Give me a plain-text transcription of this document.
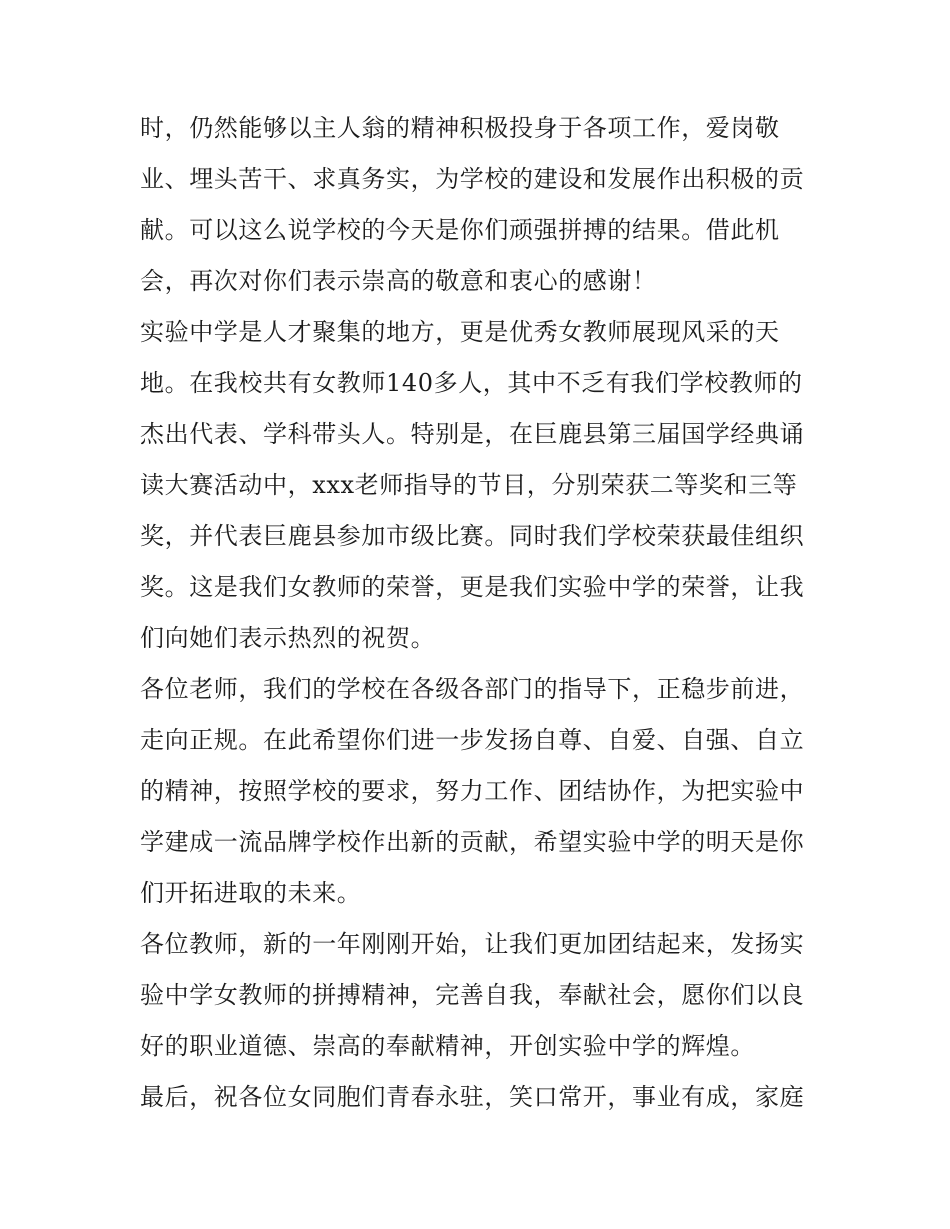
时，仍然能够以主人翁的精神积极投身于各项工作，爱岗敬
业、埋头苦干、求真务实，为学校的建设和发展作出积极的贡
献。可以这么说学校的今天是你们顽强拼搏的结果。借此机
会，再次对你们表示崇高的敬意和衷心的感谢！
实验中学是人才聚集的地方，更是优秀女教师展现风采的天
地。在我校共有女教师140多人，其中不乏有我们学校教师的
杰出代表、学科带头人。特别是，在巨鹿县第三届国学经典诵
读大赛活动中，xxx老师指导的节目，分别荣获二等奖和三等
奖，并代表巨鹿县参加市级比赛。同时我们学校荣获最佳组织
奖。这是我们女教师的荣誉，更是我们实验中学的荣誉，让我
们向她们表示热烈的祝贺。
各位老师，我们的学校在各级各部门的指导下，正稳步前进，
走向正规。在此希望你们进一步发扬自尊、自爱、自强、自立
的精神，按照学校的要求，努力工作、团结协作，为把实验中
学建成一流品牌学校作出新的贡献，希望实验中学的明天是你
们开拓进取的未来。
各位教师，新的一年刚刚开始，让我们更加团结起来，发扬实
验中学女教师的拼搏精神，完善自我，奉献社会，愿你们以良
好的职业道德、崇高的奉献精神，开创实验中学的辉煌。
最后，祝各位女同胞们青春永驻，笑口常开，事业有成，家庭
